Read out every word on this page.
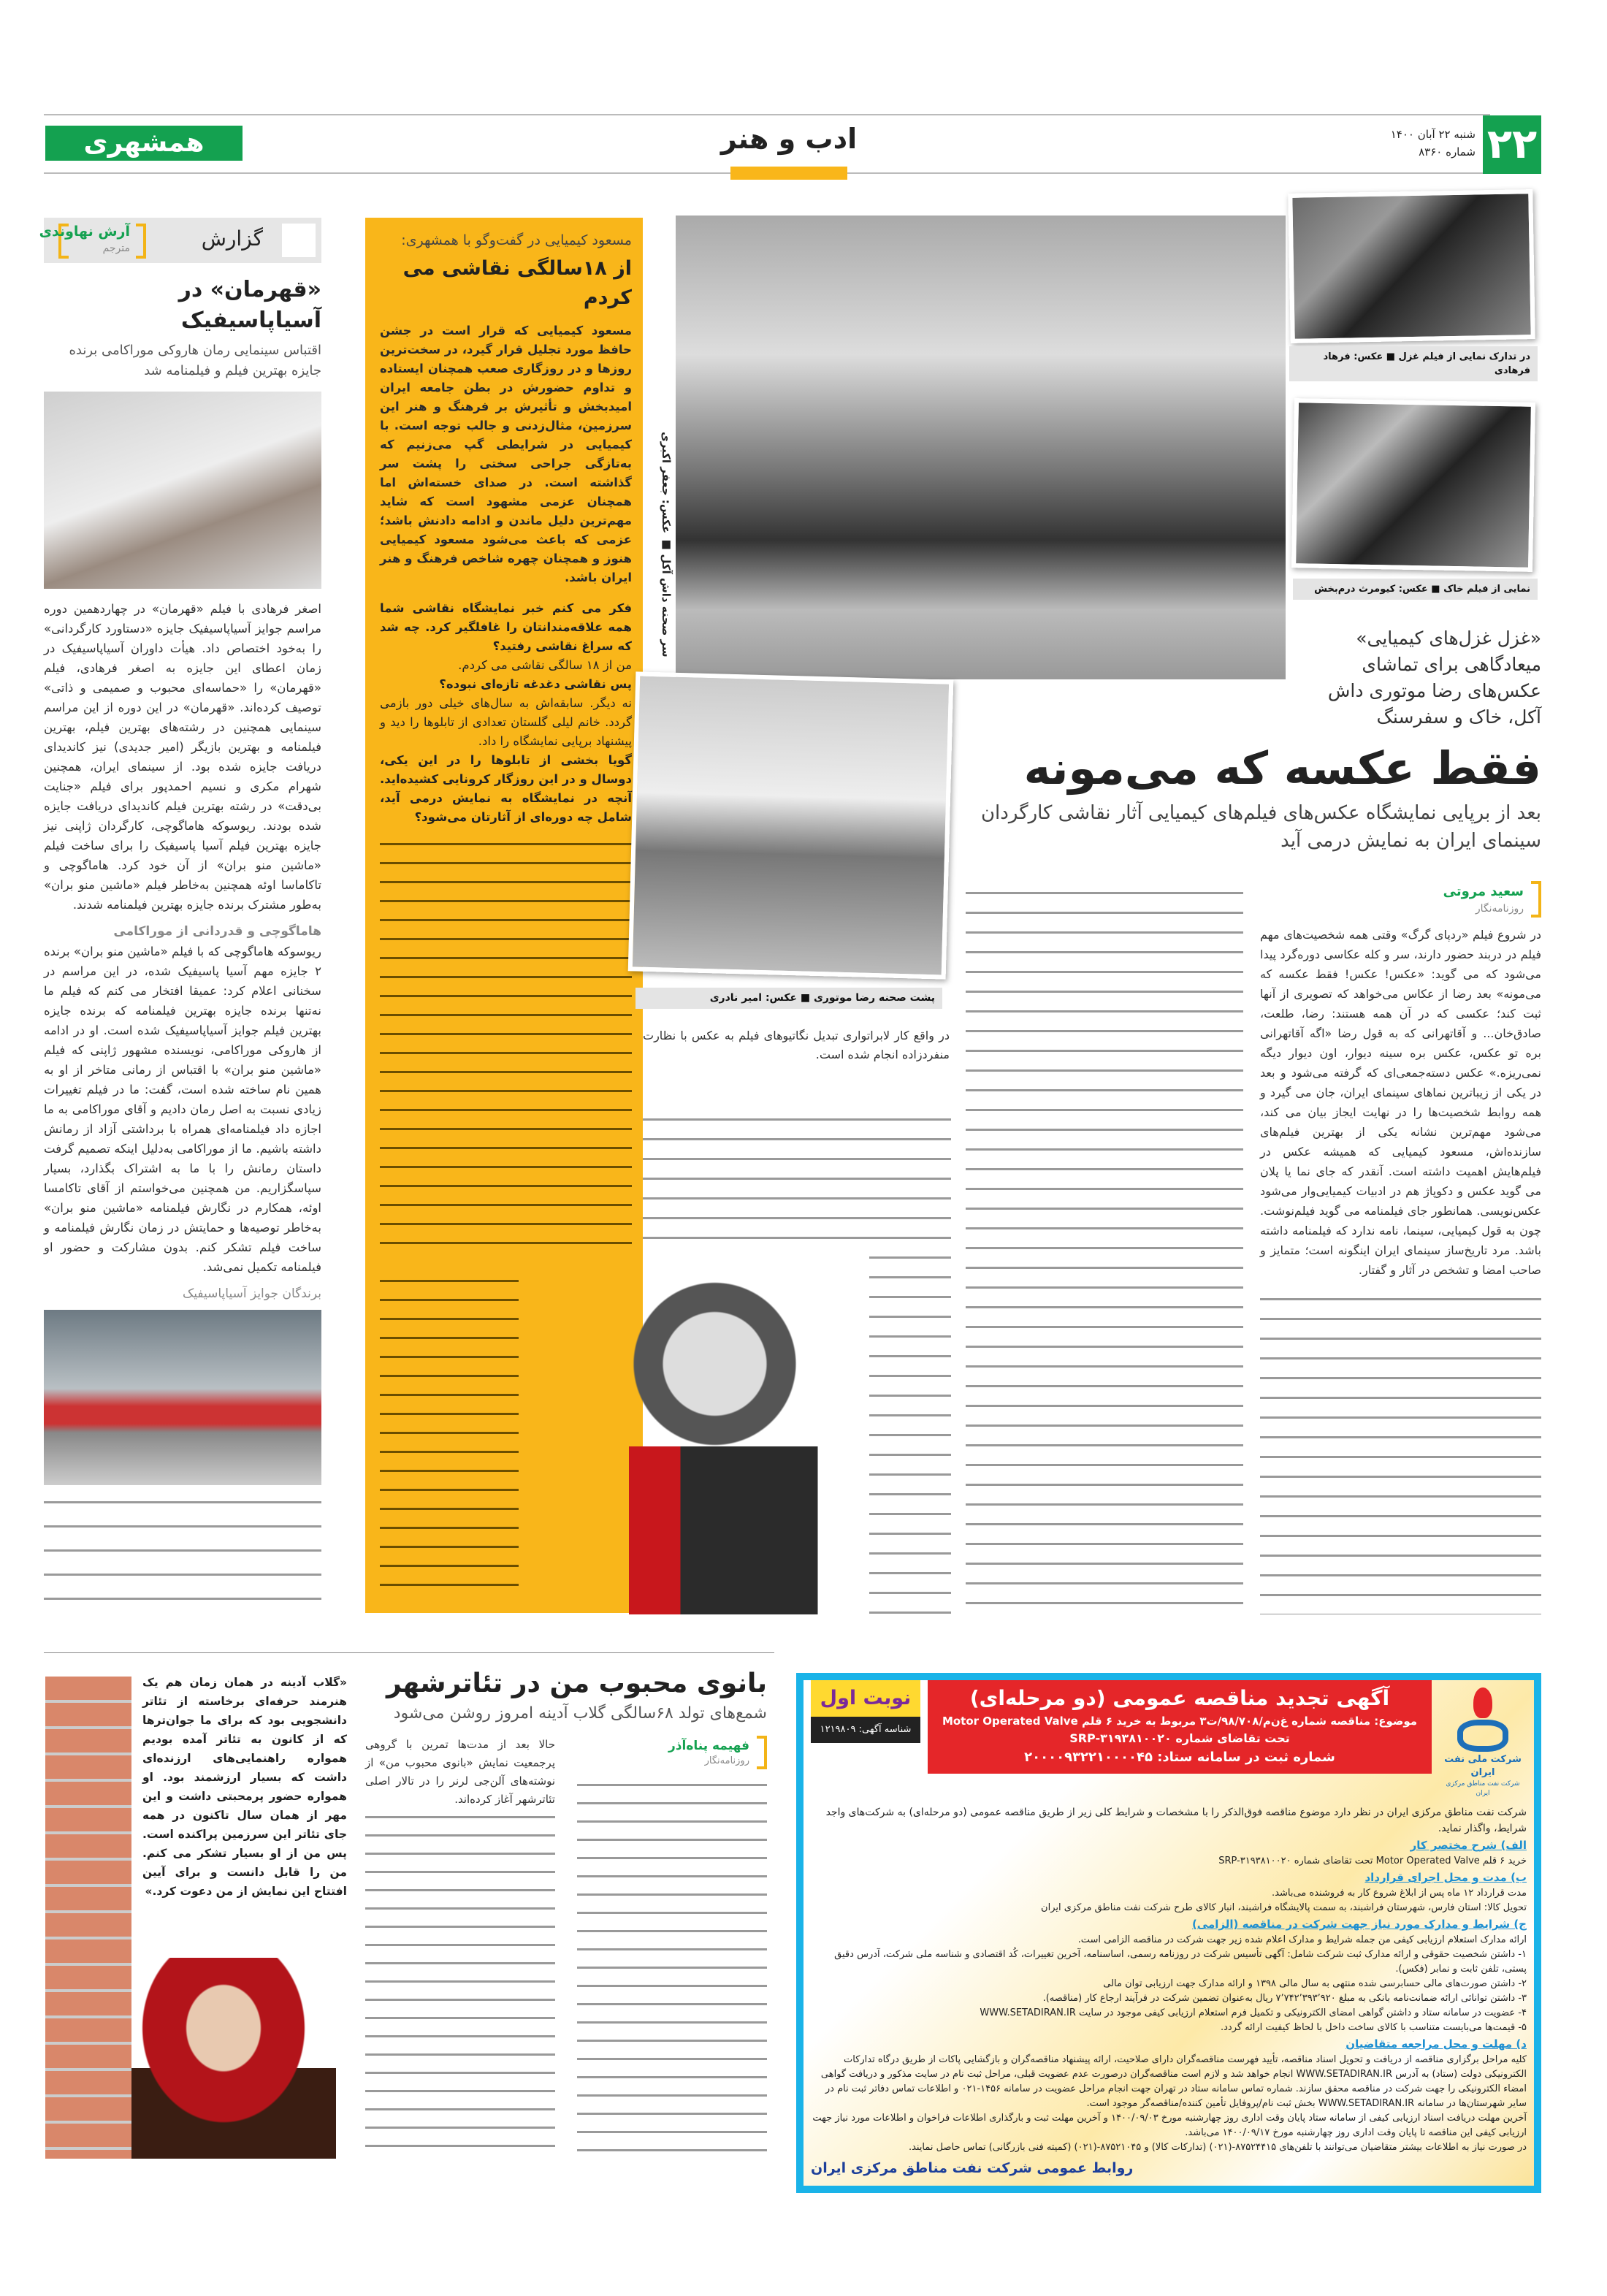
۲۲
شنبه ۲۲ آبان ۱۴۰۰
شماره ۸۳۶۰
ادب و هنر
همشهری
گزارش
آرش نهاوندی
مترجم
«قهرمان» در آسیاپاسیفیک
اقتباس سینمایی رمان هاروکی موراکامی برنده جایزه بهترین فیلم و فیلمنامه شد
اصغر فرهادی با فیلم «قهرمان» در چهاردهمین دوره مراسم جوایز آسیاپاسیفیک جایزه «دستاورد کارگردانی» را به‌خود اختصاص داد. هیأت داوران آسیاپاسیفیک در زمان اعطای این جایزه به اصغر فرهادی، فیلم «قهرمان» را «حماسه‌ای محبوب و صمیمی و ذاتی» توصیف کرده‌اند. «قهرمان» در این دوره از این مراسم سینمایی همچنین در رشته‌های بهترین فیلم، بهترین فیلمنامه و بهترین بازیگر (امیر جدیدی) نیز کاندیدای دریافت جایزه شده بود. از سینمای ایران، همچنین شهرام مکری و نسیم احمدپور برای فیلم «جنایت بی‌دقت» در رشته بهترین فیلم کاندیدای دریافت جایزه شده بودند. ریوسوکه هاماگوچی، کارگردان ژاپنی نیز جایزه بهترین فیلم آسیا پاسیفیک را برای ساخت فیلم «ماشین منو بران» از آن خود کرد. هاماگوچی و تاکاماسا اوئه همچنین به‌خاطر فیلم «ماشین منو بران» به‌طور مشترک برنده جایزه بهترین فیلمنامه شدند.
هاماگوچی و قدردانی از موراکامی
ریوسوکه هاماگوچی که با فیلم «ماشین منو بران» برنده ۲ جایزه مهم آسیا پاسیفیک شده، در این مراسم در سخنانی اعلام کرد: عمیقا افتخار می کنم که فیلم ما نه‌تنها برنده جایزه بهترین فیلمنامه که برنده جایزه بهترین فیلم جوایز آسیاپاسیفیک شده است. او در ادامه از هاروکی موراکامی، نویسنده مشهور ژاپنی که فیلم «ماشین منو بران» با اقتباس از رمانی متاخر از او به همین نام ساخته شده است، گفت: ما در فیلم تغییرات زیادی نسبت به اصل رمان دادیم و آقای موراکامی به ما اجازه داد فیلمنامه‌ای همراه با برداشتی آزاد از رمانش داشته باشیم. ما از موراکامی به‌دلیل اینکه تصمیم گرفت داستان رمانش را با ما به اشتراک بگذارد، بسیار سپاسگزاریم. من همچنین می‌خواستم از آقای تاکامسا اوئه، همکارم در نگارش فیلمنامه «ماشین منو بران» به‌خاطر توصیه‌ها و حمایتش در زمان نگارش فیلمنامه و ساخت فیلم تشکر کنم. بدون مشارکت و حضور او فیلمنامه تکمیل نمی‌شد.
برندگان جوایز آسیاپاسیفیک
مسعود کیمیایی در گفت‌وگو با همشهری:
از ۱۸سالگی نقاشی می کردم
مسعود کیمیایی که قرار است در جشن حافظ مورد تجلیل قرار گیرد، در سخت‌ترین روزها و در روزگاری صعب همچنان ایستاده و تداوم حضورش در بطن جامعه ایران امیدبخش و تأثیرش بر فرهنگ و هنر این سرزمین، مثال‌زدنی و جالب توجه است. با کیمیایی در شرایطی گپ می‌زنیم که به‌تازگی جراحی سختی را پشت سر گذاشته است. در صدای خسته‌اش اما همچنان عزمی مشهود است که شاید مهم‌ترین دلیل ماندن و ادامه دادنش باشد؛ عزمی که باعث می‌شود مسعود کیمیایی هنوز و همچنان چهره شاخص فرهنگ و هنر ایران باشد.

فکر می کنم خبر نمایشگاه نقاشی شما همه علاقه‌مندانتان را غافلگیر کرد. چه شد که سراغ نقاشی رفتید؟

من از ۱۸ سالگی نقاشی می کردم.

پس نقاشی دغدغه تازه‌ای نبوده؟

نه دیگر. سابقه‌اش به سال‌های خیلی دور بازمی گردد. خانم لیلی گلستان تعدادی از تابلوها را دید و پیشنهاد برپایی نمایشگاه را داد.

گویا بخشی از تابلوها را در این یکی، دوسال و در این روزگار کرونایی کشیده‌اید. آنچه در نمایشگاه به نمایش درمی آید، شامل چه دوره‌ای از آثارتان می‌شود؟

سر صحنه داش آکل ■ عکس: جعفر اکبری
در تدارک نمایی از فیلم غزل ■ عکس: فرهاد فرهادی
نمایی از فیلم خاک ■ عکس: کیومرث درم‌بخش
«غزل غزل‌های کیمیایی» میعادگاهی برای تماشای عکس‌های رضا موتوری داش آکل، خاک و سفرسنگ
فقط عکسه که می‌مونه
بعد از برپایی نمایشگاه عکس‌های فیلم‌های کیمیایی آثار نقاشی کارگردان سینمای ایران به نمایش درمی آید
پشت صحنه رضا موتوری ■ عکس: امیر نادری
در واقع کار لابراتواری تبدیل نگاتیوهای فیلم به عکس با نظارت منفردزاده انجام شده است.
سعید مروتی
روزنامه‌نگار
در شروع فیلم «ردپای گرگ» وقتی همه شخصیت‌های مهم فیلم در دربند حضور دارند، سر و کله عکاسی دوره‌گرد پیدا می‌شود که می گوید: «عکس! عکس! فقط عکسه که می‌مونه» بعد رضا از عکاس می‌خواهد که تصویری از آنها ثبت کند؛ عکسی که در آن همه هستند: رضا، طلعت، صادق‌خان... و آقاتهرانی که به قول رضا «اگه آقاتهرانی بره تو عکس، عکس بره سینه دیوار، اون دیوار دیگه نمی‌ریزه.» عکس دسته‌جمعی‌ای که گرفته می‌شود و بعد در یکی از زیباترین نماهای سینمای ایران، جان می گیرد و همه روابط شخصیت‌ها را در نهایت ایجاز بیان می کند، می‌شود مهم‌ترین نشانه یکی از بهترین فیلم‌های سازنده‌اش، مسعود کیمیایی که همیشه عکس در فیلم‌هایش اهمیت داشته است. آنقدر که جای نما یا پلان می گوید عکس و دکوپاژ هم در ادبیات کیمیایی‌وار می‌شود عکس‌نویسی. همانطور جای فیلمنامه می گوید فیلم‌نوشت. چون به قول کیمیایی، سینما، نامه ندارد که فیلمنامه داشته باشد. مرد تاریخ‌ساز سینمای ایران اینگونه است؛ متمایز و صاحب امضا و تشخص در آثار و گفتار.
بانوی محبوب من در تئاترشهر
شمع‌های تولد ۶۸سالگی گلاب آدینه امروز روشن می‌شود
فهیمه پناه‌آذر
روزنامه‌نگار
حالا بعد از مدت‌ها تمرین با گروهی پرجمعیت نمایش «بانوی محبوب من» از نوشته‌های آلن‌جی لرنر را در تالار اصلی تئاترشهر آغاز کرده‌اند.
«گلاب آدینه در همان زمان هم یک هنرمند حرفه‌ای برخاسته از تئاتر دانشجویی بود که برای ما جوان‌ترها که از کانون به تئاتر آمده بودیم همواره راهنمایی‌های ارزنده‌ای داشت که بسیار ارزشمند بود. او همواره حضور پرمحبتی داشت و این مهر از همان سال تاکنون در همه جای تئاتر این سرزمین پراکنده است. پس من از او بسیار تشکر می کنم. من را قابل دانست و برای آیین افتتاح این نمایش از من دعوت کرد.»
شرکت ملی نفت ایران
شرکت نفت مناطق مرکزی ایران
آگهی تجدید مناقصه عمومی (دو مرحله‌ای)
موضوع: مناقصه شماره غ‌ن‌م/۹۸/۷۰۸/ت۳ مربوط به خرید ۶ قلم Motor Operated Valve
تحت تقاضای شماره SRP-۳۱۹۳۸۱۰۰۲۰
شماره ثبت در سامانه ستاد: ۲۰۰۰۰۹۳۲۲۱۰۰۰۰۴۵
نوبت اول
شناسه آگهی: ۱۲۱۹۸۰۹

شرکت نفت مناطق مرکزی ایران در نظر دارد موضوع مناقصه فوق‌الذکر را با مشخصات و شرایط کلی زیر از طریق مناقصه عمومی (دو مرحله‌ای) به شرکت‌های واجد شرایط، واگذار نماید.

الف) شرح مختصر کار
خرید ۶ قلم Motor Operated Valve تحت تقاضای شماره SRP-۳۱۹۳۸۱۰۰۲۰
ب) مدت و محل اجرای قرارداد
مدت قرارداد ۱۲ ماه پس از ابلاغ شروع کار به فروشنده می‌باشد.
تحویل کالا: استان فارس، شهرستان فراشبند، به سمت پالایشگاه فراشبند، انبار کالای طرح شرکت نفت مناطق مرکزی ایران
ج) شرایط و مدارک مورد نیاز جهت شرکت در مناقصه (الزامی)
ارائه مدارک استعلام ارزیابی کیفی من جمله شرایط و مدارک اعلام شده زیر جهت شرکت در مناقصه الزامی است.
۱- داشتن شخصیت حقوقی و ارائه مدارک ثبت شرکت شامل: آگهی تأسیس شرکت در روزنامه رسمی، اساسنامه، آخرین تغییرات، کُد اقتصادی و شناسه ملی شرکت، آدرس دقیق پستی، تلفن ثابت و نمابر (فکس).
۲- داشتن صورت‌های مالی حسابرسی شده منتهی به سال مالی ۱۳۹۸ و ارائه مدارک جهت ارزیابی توان مالی
۳- داشتن توانائی ارائه ضمانت‌نامه بانکی به مبلغ ۷٬۷۴۲٬۳۹۳٬۹۲۰ ریال به‌عنوان تضمین شرکت در فرآیند ارجاع کار (مناقصه).
۴- عضویت در سامانه ستاد و داشتن گواهی امضای الکترونیکی و تکمیل فرم استعلام ارزیابی کیفی موجود در سایت WWW.SETADIRAN.IR
۵- قیمت‌ها می‌بایست متناسب با کالای ساخت داخل با لحاظ کیفیت ارائه گردد.
د) مهلت و محل مراجعه متقاضیان
کلیه مراحل برگزاری مناقصه از دریافت و تحویل اسناد مناقصه، تأیید فهرست مناقصه‌گران دارای صلاحیت، ارائه پیشنهاد مناقصه‌گران و بازگشایی پاکات از طریق درگاه تدارکات الکترونیکی دولت (ستاد) به آدرس WWW.SETADIRAN.IR انجام خواهد شد و لازم است مناقصه‌گران درصورت عدم عضویت قبلی، مراحل ثبت نام در سایت مذکور و دریافت گواهی امضاء الکترونیکی را جهت شرکت در مناقصه محقق سازند. شماره تماس سامانه ستاد در تهران جهت انجام مراحل عضویت در سامانه ۱۴۵۶-۰۲۱ و اطلاعات تماس دفاتر ثبت نام در سایر شهرستان‌ها در سامانه WWW.SETADIRAN.IR بخش ثبت نام/پروفایل تأمین کننده/مناقصه‌گر موجود است.
آخرین مهلت دریافت اسناد ارزیابی کیفی از سامانه ستاد پایان وقت اداری روز چهارشنبه مورخ ۱۴۰۰/۰۹/۰۳ و آخرین مهلت ثبت و بارگذاری اطلاعات فراخوان و اطلاعات مورد نیاز جهت ارزیابی کیفی این مناقصه تا پایان وقت اداری روز چهارشنبه مورخ ۱۴۰۰/۰۹/۱۷ می‌باشد.
در صورت نیاز به اطلاعات بیشتر متقاضیان می‌توانند با تلفن‌های ۸۷۵۲۴۴۱۵-(۰۲۱) (تدارکات کالا) و ۸۷۵۲۱۰۴۵-(۰۲۱) (کمیته فنی بازرگانی) تماس حاصل نمایند.
روابط عمومی شرکت نفت مناطق مرکزی ایران
